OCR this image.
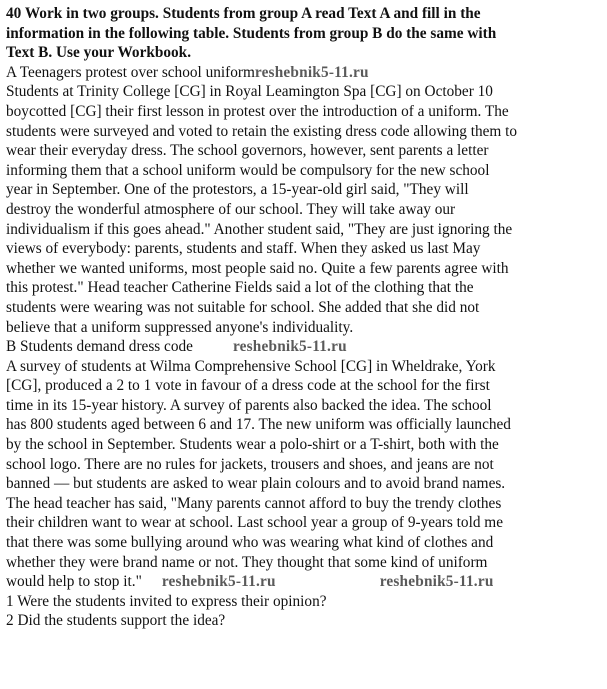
40 Work in two groups. Students from group A read Text A and fill in the
information in the following table. Students from group B do the same with
Text B. Use your Workbook.
A Teenagers protest over school uniformreshebnik5-11.ru
Students at Trinity College [CG] in Royal Leamington Spa [CG] on October 10
boycotted [CG] their first lesson in protest over the introduction of a uniform. The
students were surveyed and voted to retain the existing dress code allowing them to
wear their everyday dress. The school governors, however, sent parents a letter
informing them that a school uniform would be compulsory for the new school
year in September. One of the protestors, a 15-year-old girl said, "They will
destroy the wonderful atmosphere of our school. They will take away our
individualism if this goes ahead." Another student said, "They are just ignoring the
views of everybody: parents, students and staff. When they asked us last May
whether we wanted uniforms, most people said no. Quite a few parents agree with
this protest." Head teacher Catherine Fields said a lot of the clothing that the
students were wearing was not suitable for school. She added that she did not
believe that a uniform suppressed anyone's individuality.
B Students demand dress code	reshebnik5-11.ru
A survey of students at Wilma Comprehensive School [CG] in Wheldrake, York
[CG], produced a 2 to 1 vote in favour of a dress code at the school for the first
time in its 15-year history. A survey of parents also backed the idea. The school
has 800 students aged between 6 and 17. The new uniform was officially launched
by the school in September. Students wear a polo-shirt or a T-shirt, both with the
school logo. There are no rules for jackets, trousers and shoes, and jeans are not
banned — but students are asked to wear plain colours and to avoid brand names.
The head teacher has said, "Many parents cannot afford to buy the trendy clothes
their children want to wear at school. Last school year a group of 9-years told me
that there was some bullying around who was wearing what kind of clothes and
whether they were brand name or not. They thought that some kind of uniform
would help to stop it." reshebnik5-11.ru	reshebnik5-11.ru
1 Were the students invited to express their opinion?
2 Did the students support the idea?
